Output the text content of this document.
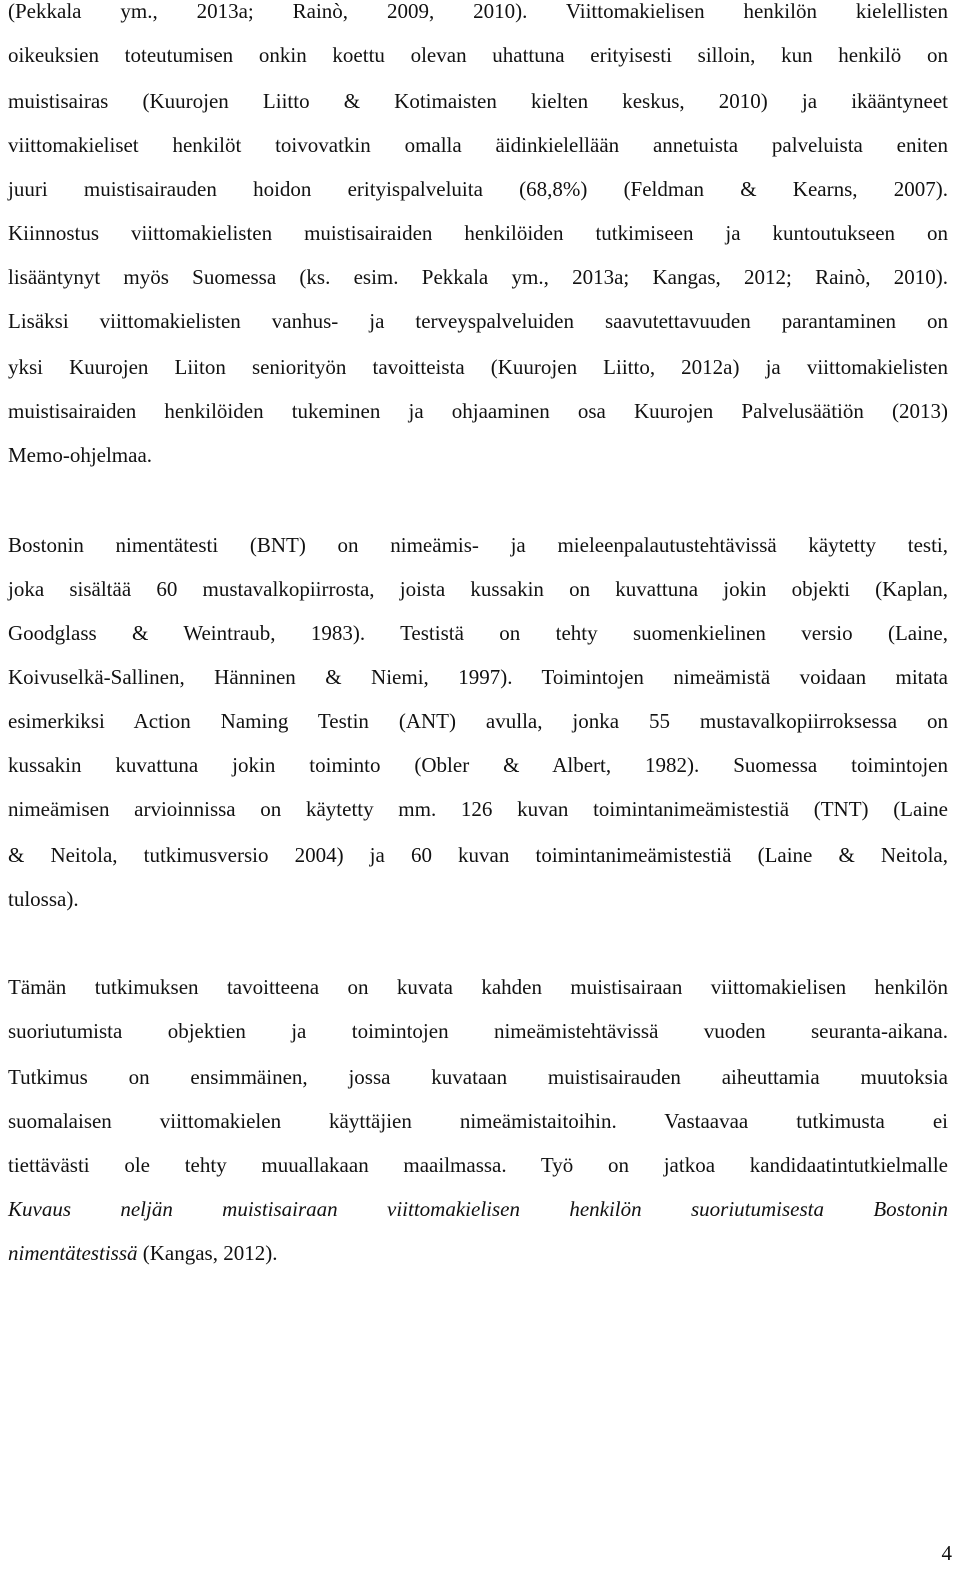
(Pekkala ym., 2013a; Rainò, 2009, 2010). Viittomakielisen henkilön kielellisten
oikeuksien toteutumisen onkin koettu olevan uhattuna erityisesti silloin, kun henkilö on
muistisairas (Kuurojen Liitto & Kotimaisten kielten keskus, 2010) ja ikääntyneet
viittomakieliset henkilöt toivovatkin omalla äidinkielellään annetuista palveluista eniten
juuri muistisairauden hoidon erityispalveluita (68,8%) (Feldman & Kearns, 2007).
Kiinnostus viittomakielisten muistisairaiden henkilöiden tutkimiseen ja kuntoutukseen on
lisääntynyt myös Suomessa (ks. esim. Pekkala ym., 2013a; Kangas, 2012; Rainò, 2010).
Lisäksi viittomakielisten vanhus- ja terveyspalveluiden saavutettavuuden parantaminen on
yksi Kuurojen Liiton seniorityön tavoitteista (Kuurojen Liitto, 2012a) ja viittomakielisten
muistisairaiden henkilöiden tukeminen ja ohjaaminen osa Kuurojen Palvelusäätiön (2013)
Memo-ohjelmaa.
Bostonin nimentätesti (BNT) on nimeämis- ja mieleenpalautustehtävissä käytetty testi,
joka sisältää 60 mustavalkopiirrosta, joista kussakin on kuvattuna jokin objekti (Kaplan,
Goodglass & Weintraub, 1983). Testistä on tehty suomenkielinen versio (Laine,
Koivuselkä-Sallinen, Hänninen & Niemi, 1997). Toimintojen nimeämistä voidaan mitata
esimerkiksi Action Naming Testin (ANT) avulla, jonka 55 mustavalkopiirroksessa on
kussakin kuvattuna jokin toiminto (Obler & Albert, 1982). Suomessa toimintojen
nimeämisen arvioinnissa on käytetty mm. 126 kuvan toimintanimeämistestiä (TNT) (Laine
& Neitola, tutkimusversio 2004) ja 60 kuvan toimintanimeämistestiä (Laine & Neitola,
tulossa).
Tämän tutkimuksen tavoitteena on kuvata kahden muistisairaan viittomakielisen henkilön
suoriutumista objektien ja toimintojen nimeämistehtävissä vuoden seuranta-aikana.
Tutkimus on ensimmäinen, jossa kuvataan muistisairauden aiheuttamia muutoksia
suomalaisen viittomakielen käyttäjien nimeämistaitoihin. Vastaavaa tutkimusta ei
tiettävästi ole tehty muuallakaan maailmassa. Työ on jatkoa kandidaatintutkielmalle
Kuvaus neljän muistisairaan viittomakielisen henkilön suoriutumisesta Bostonin
nimentätestissä (Kangas, 2012).
4
